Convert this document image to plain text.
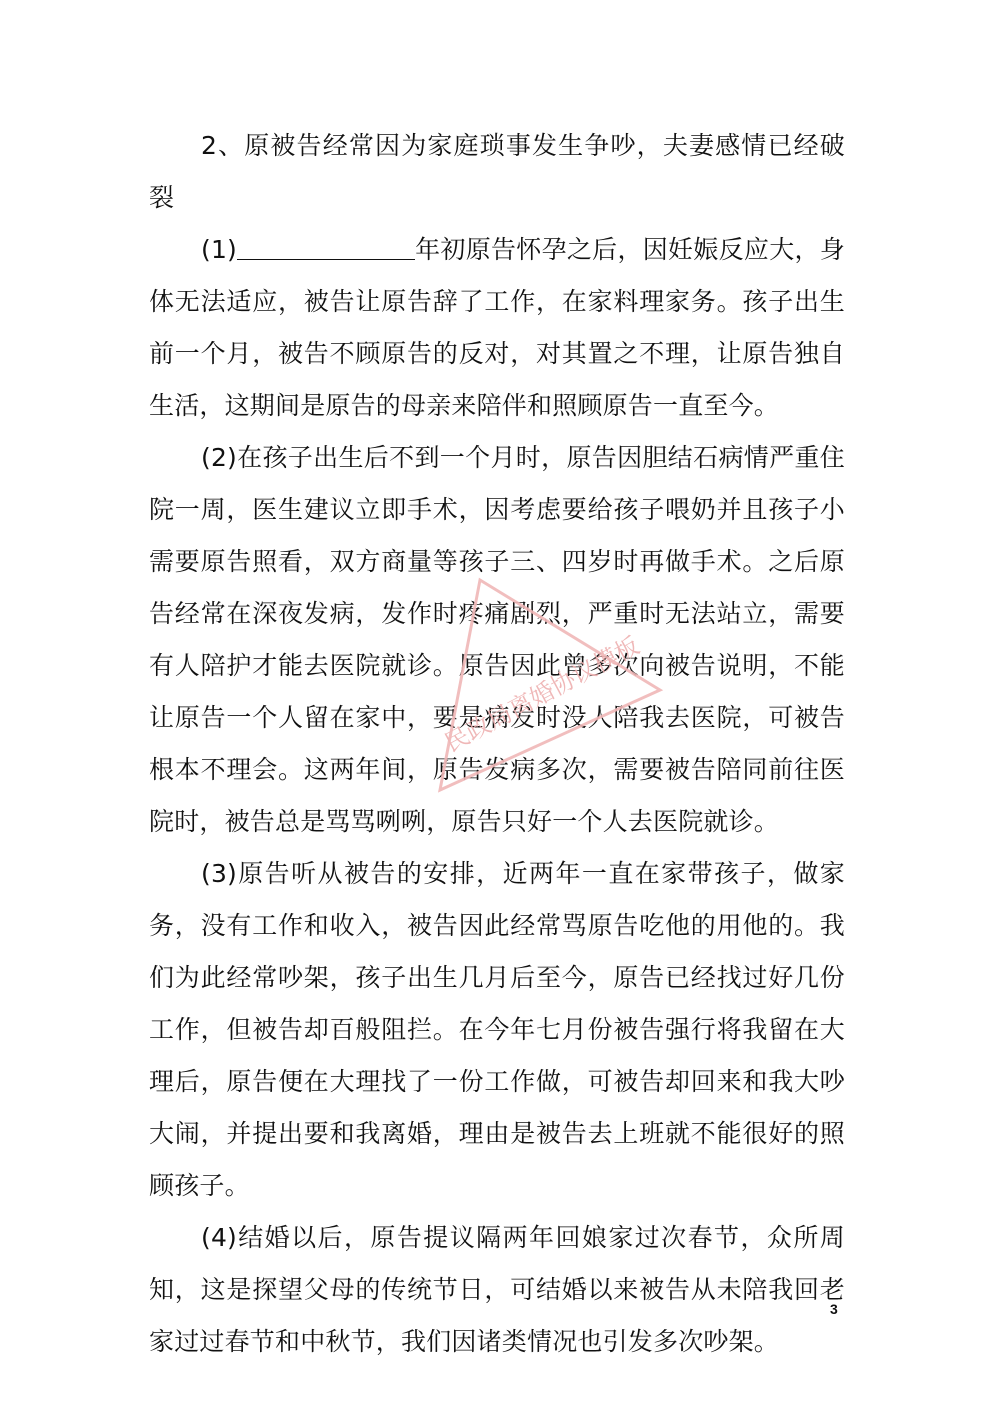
2、原被告经常因为家庭琐事发生争吵，夫妻感情已经破裂

(1)	年初原告怀孕之后，因妊娠反应大，身体无法适应，被告让原告辞了工作，在家料理家务。孩子出生前一个月，被告不顾原告的反对，对其置之不理，让原告独自生活，这期间是原告的母亲来陪伴和照顾原告一直至今。

(2)在孩子出生后不到一个月时，原告因胆结石病情严重住院一周，医生建议立即手术，因考虑要给孩子喂奶并且孩子小需要原告照看，双方商量等孩子三、四岁时再做手术。之后原告经常在深夜发病，发作时疼痛剧烈，严重时无法站立，需要有人陪护才能去医院就诊。原告因此曾多次向被告说明，不能让原告一个人留在家中，要是病发时没人陪我去医院，可被告根本不理会。这两年间，原告发病多次，需要被告陪同前往医院时，被告总是骂骂咧咧，原告只好一个人去医院就诊。

(3)原告听从被告的安排，近两年一直在家带孩子，做家务，没有工作和收入，被告因此经常骂原告吃他的用他的。我们为此经常吵架，孩子出生几月后至今，原告已经找过好几份工作，但被告却百般阻拦。在今年七月份被告强行将我留在大理后，原告便在大理找了一份工作做，可被告却回来和我大吵大闹，并提出要和我离婚，理由是被告去上班就不能很好的照顾孩子。

(4)结婚以后，原告提议隔两年回娘家过次春节，众所周知，这是探望父母的传统节日，可结婚以来被告从未陪我回老家过过春节和中秋节，我们因诸类情况也引发多次吵架。

民政局离婚协议模板
3
